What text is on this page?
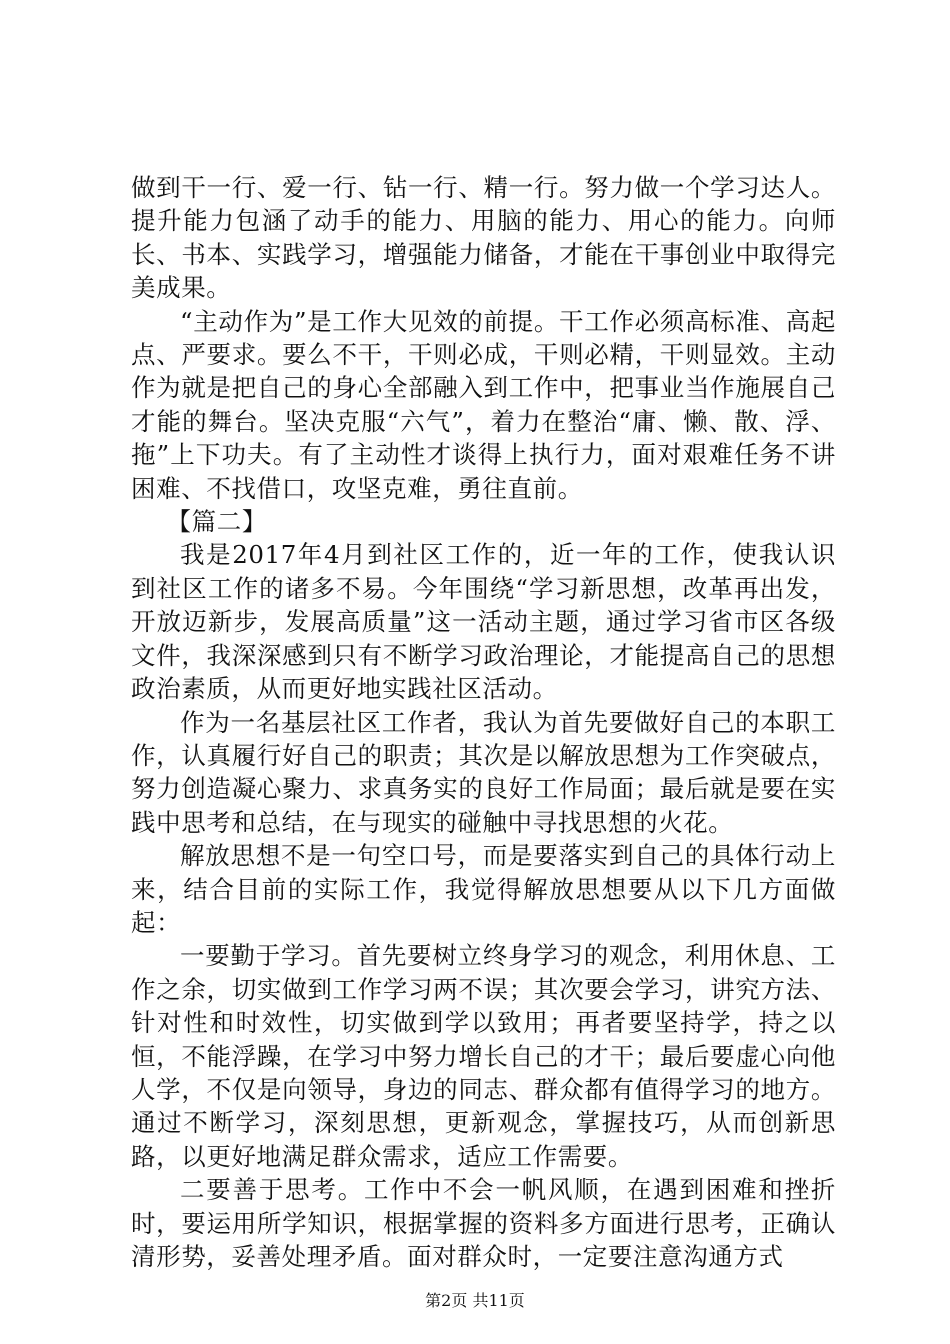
做到干一行、爱一行、钻一行、精一行。努力做一个学习达人。提升能力包涵了动手的能力、用脑的能力、用心的能力。向师长、书本、实践学习，增强能力储备，才能在干事创业中取得完美成果。

“主动作为”是工作大见效的前提。干工作必须高标准、高起点、严要求。要么不干，干则必成，干则必精，干则显效。主动作为就是把自己的身心全部融入到工作中，把事业当作施展自己才能的舞台。坚决克服“六气”，着力在整治“庸、懒、散、浮、拖”上下功夫。有了主动性才谈得上执行力，面对艰难任务不讲困难、不找借口，攻坚克难，勇往直前。

【篇二】

我是2017年4月到社区工作的，近一年的工作，使我认识到社区工作的诸多不易。今年围绕“学习新思想，改革再出发，开放迈新步，发展高质量”这一活动主题，通过学习省市区各级文件，我深深感到只有不断学习政治理论，才能提高自己的思想政治素质，从而更好地实践社区活动。

作为一名基层社区工作者，我认为首先要做好自己的本职工作，认真履行好自己的职责；其次是以解放思想为工作突破点，努力创造凝心聚力、求真务实的良好工作局面；最后就是要在实践中思考和总结，在与现实的碰触中寻找思想的火花。

解放思想不是一句空口号，而是要落实到自己的具体行动上来，结合目前的实际工作，我觉得解放思想要从以下几方面做起：

一要勤于学习。首先要树立终身学习的观念，利用休息、工作之余，切实做到工作学习两不误；其次要会学习，讲究方法、针对性和时效性，切实做到学以致用；再者要坚持学，持之以恒，不能浮躁，在学习中努力增长自己的才干；最后要虚心向他人学，不仅是向领导，身边的同志、群众都有值得学习的地方。通过不断学习，深刻思想，更新观念，掌握技巧，从而创新思路，以更好地满足群众需求，适应工作需要。

二要善于思考。工作中不会一帆风顺，在遇到困难和挫折时，要运用所学知识，根据掌握的资料多方面进行思考，正确认清形势，妥善处理矛盾。面对群众时，一定要注意沟通方式

第2页 共11页
